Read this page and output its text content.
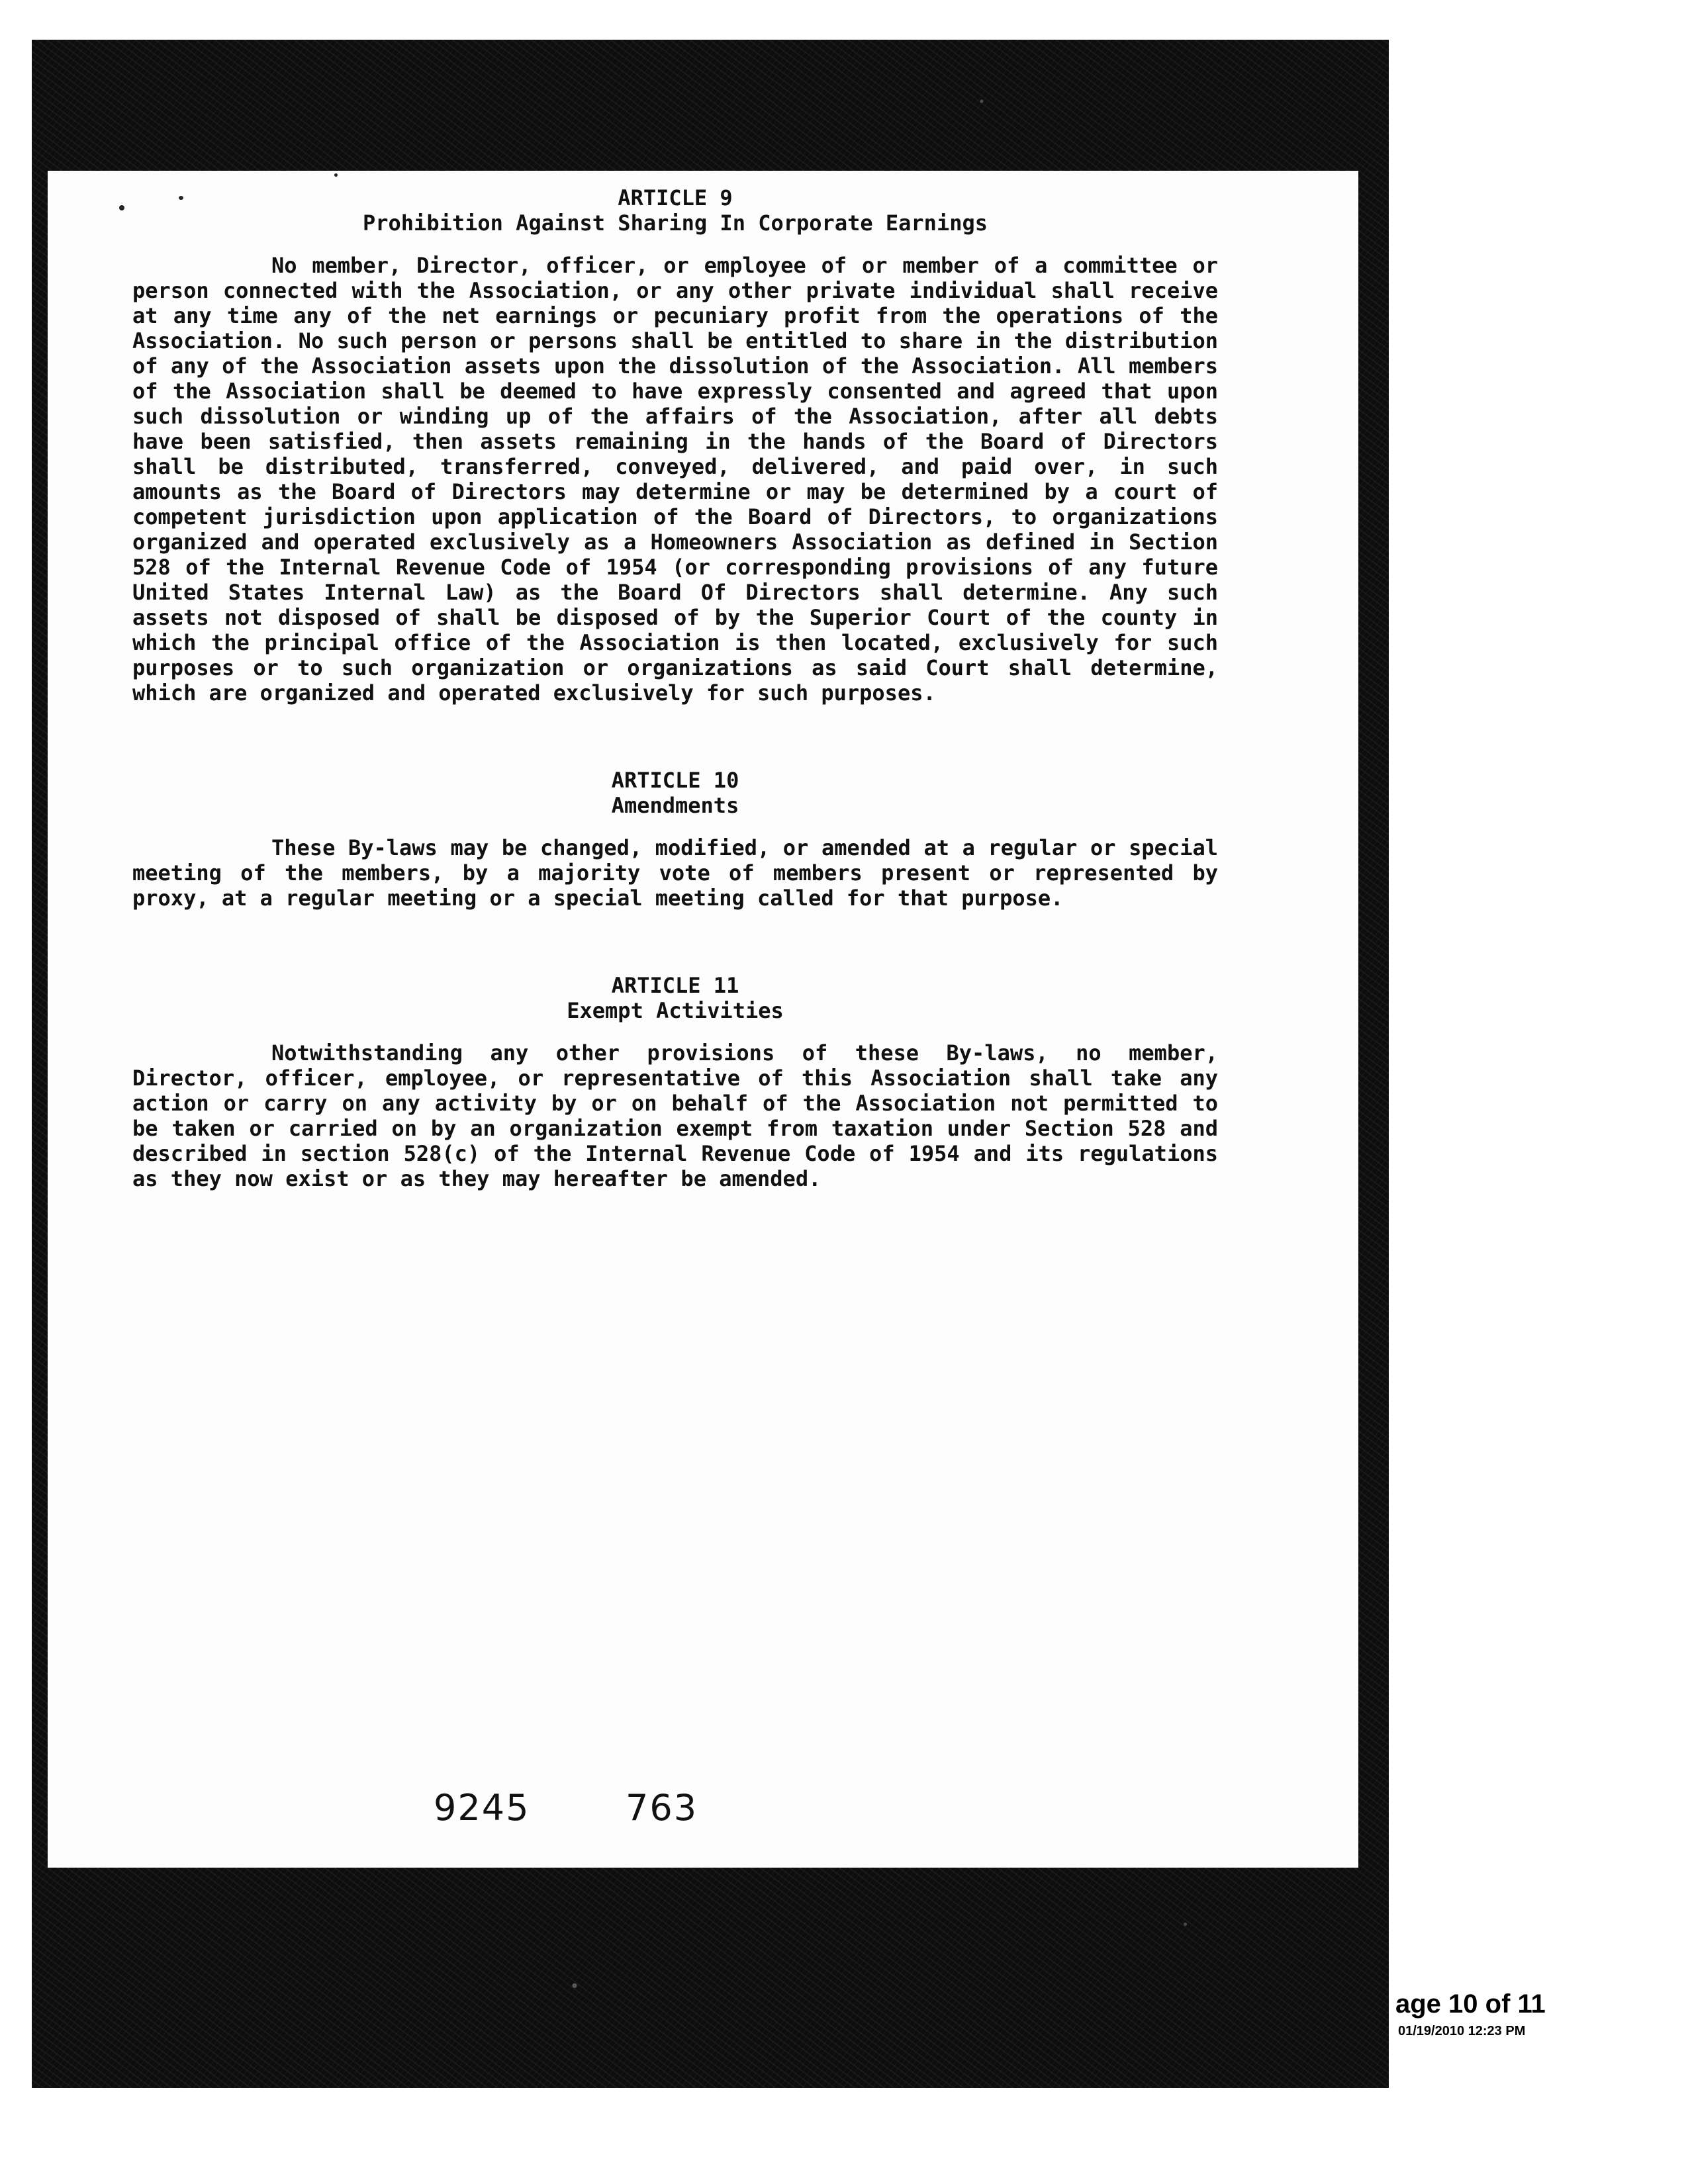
ARTICLE 9

Prohibition Against Sharing In Corporate Earnings

No member, Director, officer, or employee of or member of a committee or person connected with the Association, or any other private individual shall receive at any time any of the net earnings or pecuniary profit from the operations of the Association. No such person or persons shall be entitled to share in the distribution of any of the Association assets upon the dissolution of the Association. All members of the Association shall be deemed to have expressly consented and agreed that upon such dissolution or winding up of the affairs of the Association, after all debts have been satisfied, then assets remaining in the hands of the Board of Directors shall be distributed, transferred, conveyed, delivered, and paid over, in such amounts as the Board of Directors may determine or may be determined by a court of competent jurisdiction upon application of the Board of Directors, to organizations organized and operated exclusively as a Homeowners Association as defined in Section 528 of the Internal Revenue Code of 1954 (or corresponding provisions of any future United States Internal Law) as the Board Of Directors shall determine. Any such assets not disposed of shall be disposed of by the Superior Court of the county in which the principal office of the Association is then located, exclusively for such purposes or to such organization or organizations as said Court shall determine, which are organized and operated exclusively for such purposes.

ARTICLE 10

Amendments

These By-laws may be changed, modified, or amended at a regular or special meeting of the members, by a majority vote of members present or represented by proxy, at a regular meeting or a special meeting called for that purpose.

ARTICLE 11

Exempt Activities

Notwithstanding any other provisions of these By-laws, no member, Director, officer, employee, or representative of this Association shall take any action or carry on any activity by or on behalf of the Association not permitted to be taken or carried on by an organization exempt from taxation under Section 528 and described in section 528(c) of the Internal Revenue Code of 1954 and its regulations as they now exist or as they may hereafter be amended.

9245	763
age 10 of 11
01/19/2010 12:23 PM
